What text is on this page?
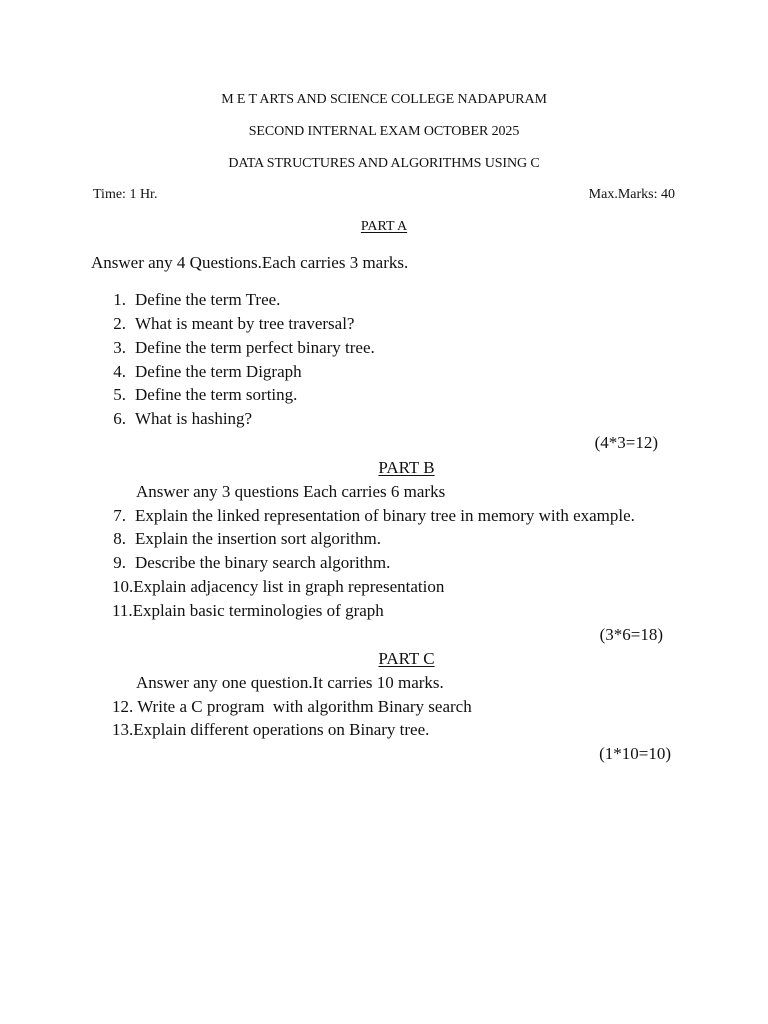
M E T ARTS AND SCIENCE COLLEGE NADAPURAM
SECOND INTERNAL EXAM OCTOBER 2025
DATA STRUCTURES AND ALGORITHMS USING C
Time: 1 Hr.	Max.Marks: 40
PART A
Answer any 4 Questions.Each carries 3 marks.
1. Define the term Tree.
2. What is meant by tree traversal?
3. Define the term perfect binary tree.
4. Define the term Digraph
5. Define the term sorting.
6. What is hashing?
(4*3=12)
PART B
Answer any 3 questions Each carries 6 marks
7. Explain the linked representation of binary tree in memory with example.
8. Explain the insertion sort algorithm.
9. Describe the binary search algorithm.
10.Explain adjacency list in graph representation
11.Explain basic terminologies of graph
(3*6=18)
PART C
Answer any one question.It carries 10 marks.
12. Write a C program  with algorithm Binary search
13.Explain different operations on Binary tree.
(1*10=10)
